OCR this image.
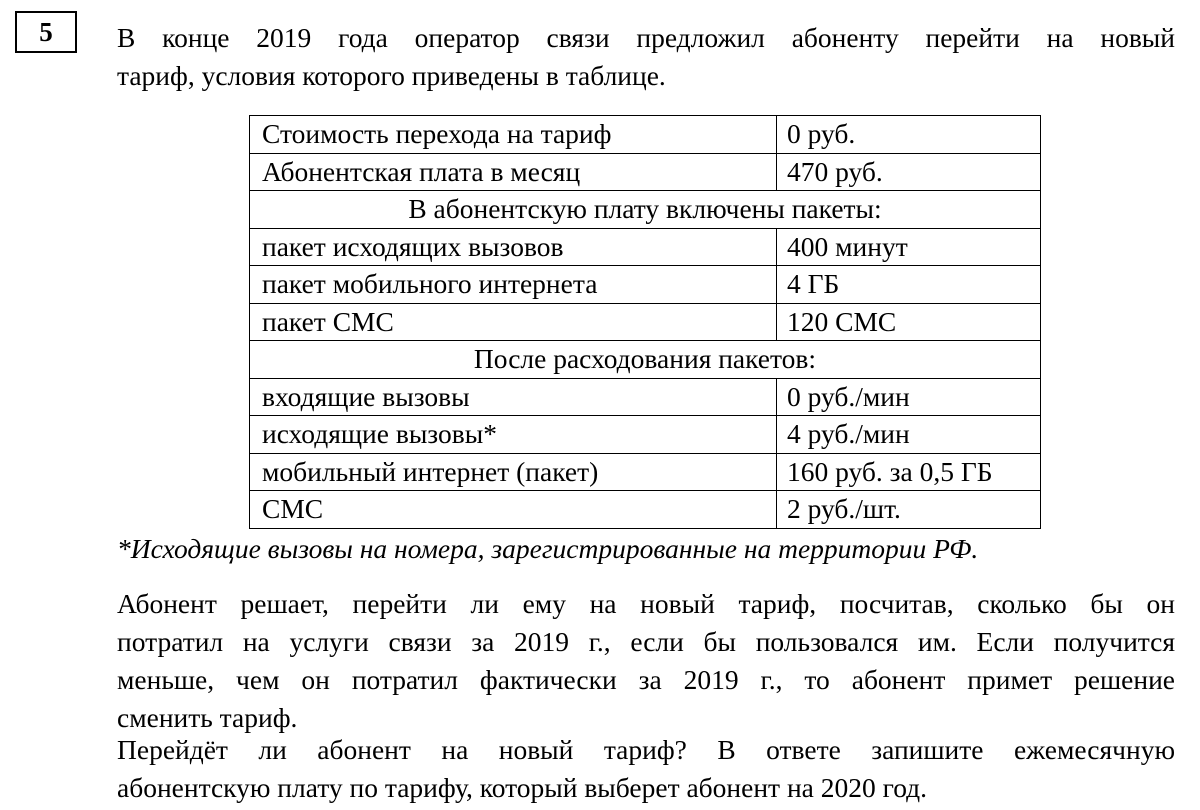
5	В конце 2019 года оператор связи предложил абоненту перейти на новый
тариф, условия которого приведены в таблице.

Стоимость перехода на тариф	0 руб.
Абонентская плата в месяц	470 руб.
В абонентскую плату включены пакеты:	
пакет исходящих вызовов	400 минут
пакет мобильного интернета	4 ГБ
пакет СМС	120 СМС
После расходования пакетов:	
входящие вызовы	0 руб./мин
исходящие вызовы*	4 руб./мин
мобильный интернет (пакет)	160 руб. за 0,5 ГБ
СМС	2 руб./шт.

*Исходящие вызовы на номера, зарегистрированные на территории РФ.

Абонент решает, перейти ли ему на новый тариф, посчитав, сколько бы он
потратил на услуги связи за 2019 г., если бы пользовался им. Если получится
меньше, чем он потратил фактически за 2019 г., то абонент примет решение
сменить тариф.

Перейдёт ли абонент на новый тариф? В ответе запишите ежемесячную
абонентскую плату по тарифу, который выберет абонент на 2020 год.
